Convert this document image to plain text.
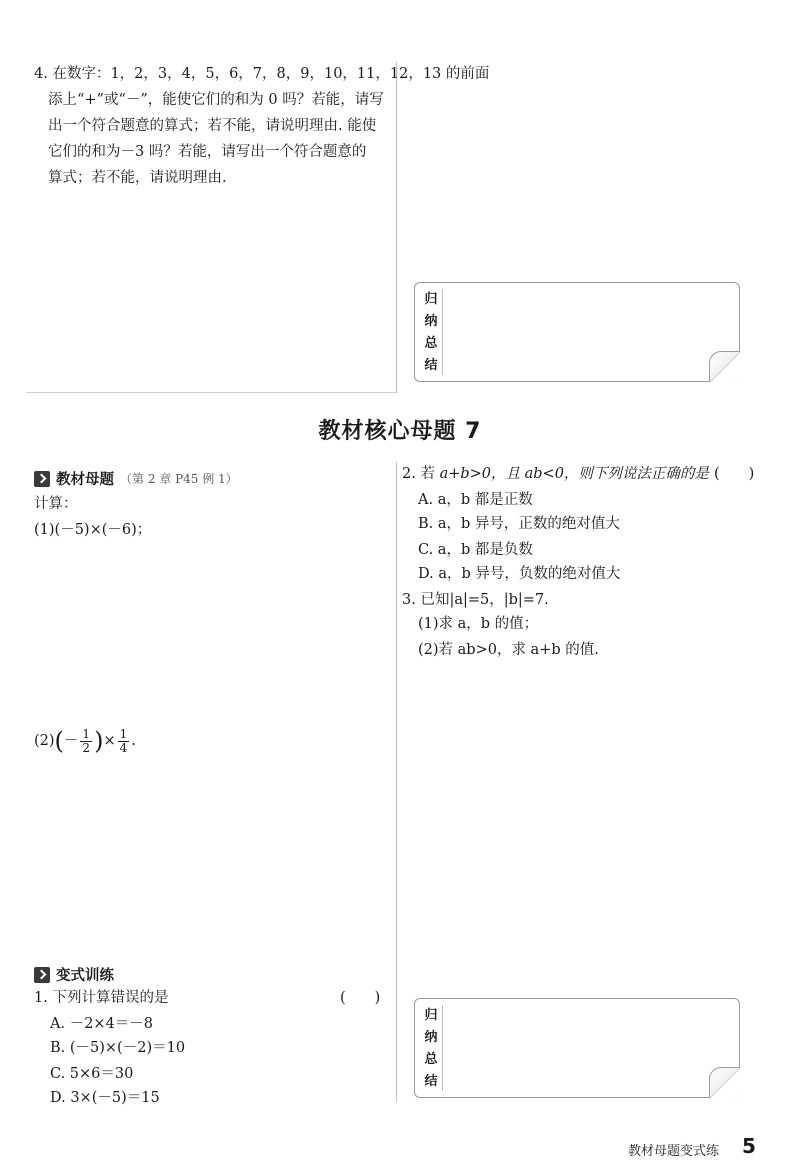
4. 在数字：1，2，3，4，5，6，7，8，9，10，11，12，13 的前面
添上“+”或“－”，能使它们的和为 0 吗？若能，请写
出一个符合题意的算式；若不能，请说明理由. 能使
它们的和为－3 吗？若能，请写出一个符合题意的
算式；若不能，请说明理由.
归
纳
总
结
教材核心母题 7
教材母题 （第 2 章 P45 例 1）
计算：
(1)(－5)×(－6)；
$(2)(- \frac{1}{2}$ )× $\frac{1}{4}$ .
2. 若 a+b>0，且 ab<0，则下列说法正确的是 (　　)
A. a，b 都是正数
B. a，b 异号，正数的绝对值大
C. a，b 都是负数
D. a，b 异号，负数的绝对值大
3. 已知|a|=5，|b|=7.
(1)求 a，b 的值；
(2)若 ab>0，求 a+b 的值.
变式训练
1. 下列计算错误的是	(　　)
A. －2×4＝－8
B. (－5)×(－2)＝10
C. 5×6＝30
D. 3×(－5)＝15
归
纳
总
结
教材母题变式练 5
